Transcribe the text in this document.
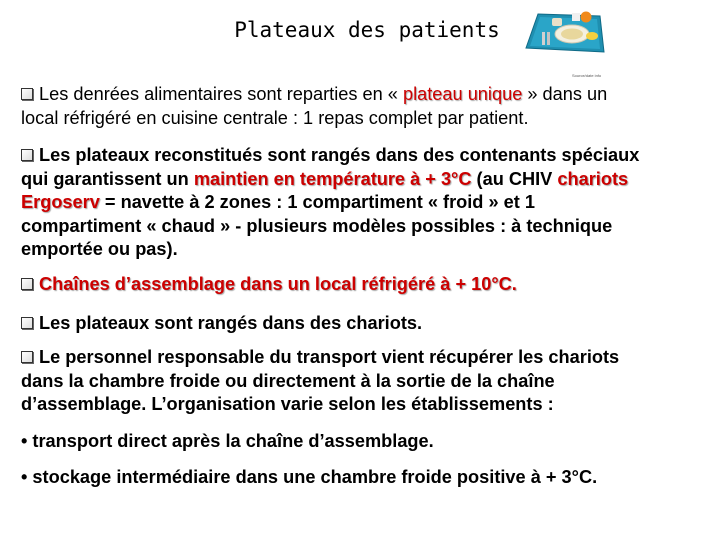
Plateaux des patients
Source/date info
Les denrées alimentaires sont reparties en « plateau unique » dans un
local réfrigéré en cuisine centrale : 1 repas complet par patient.
Les plateaux reconstitués sont rangés dans des contenants spéciaux
qui garantissent un maintien en température à + 3°C (au CHIV chariots
Ergoserv = navette à 2 zones : 1 compartiment « froid » et 1
compartiment « chaud » - plusieurs modèles possibles : à technique
emportée ou pas).
Chaînes d’assemblage dans un local réfrigéré à + 10°C.
Les plateaux sont rangés dans des chariots.
Le personnel responsable du transport vient récupérer les chariots
dans la chambre froide ou directement à la sortie de la chaîne
d’assemblage. L’organisation varie selon les établissements :
• transport direct après la chaîne d’assemblage.
• stockage intermédiaire dans une chambre froide positive à + 3°C.
